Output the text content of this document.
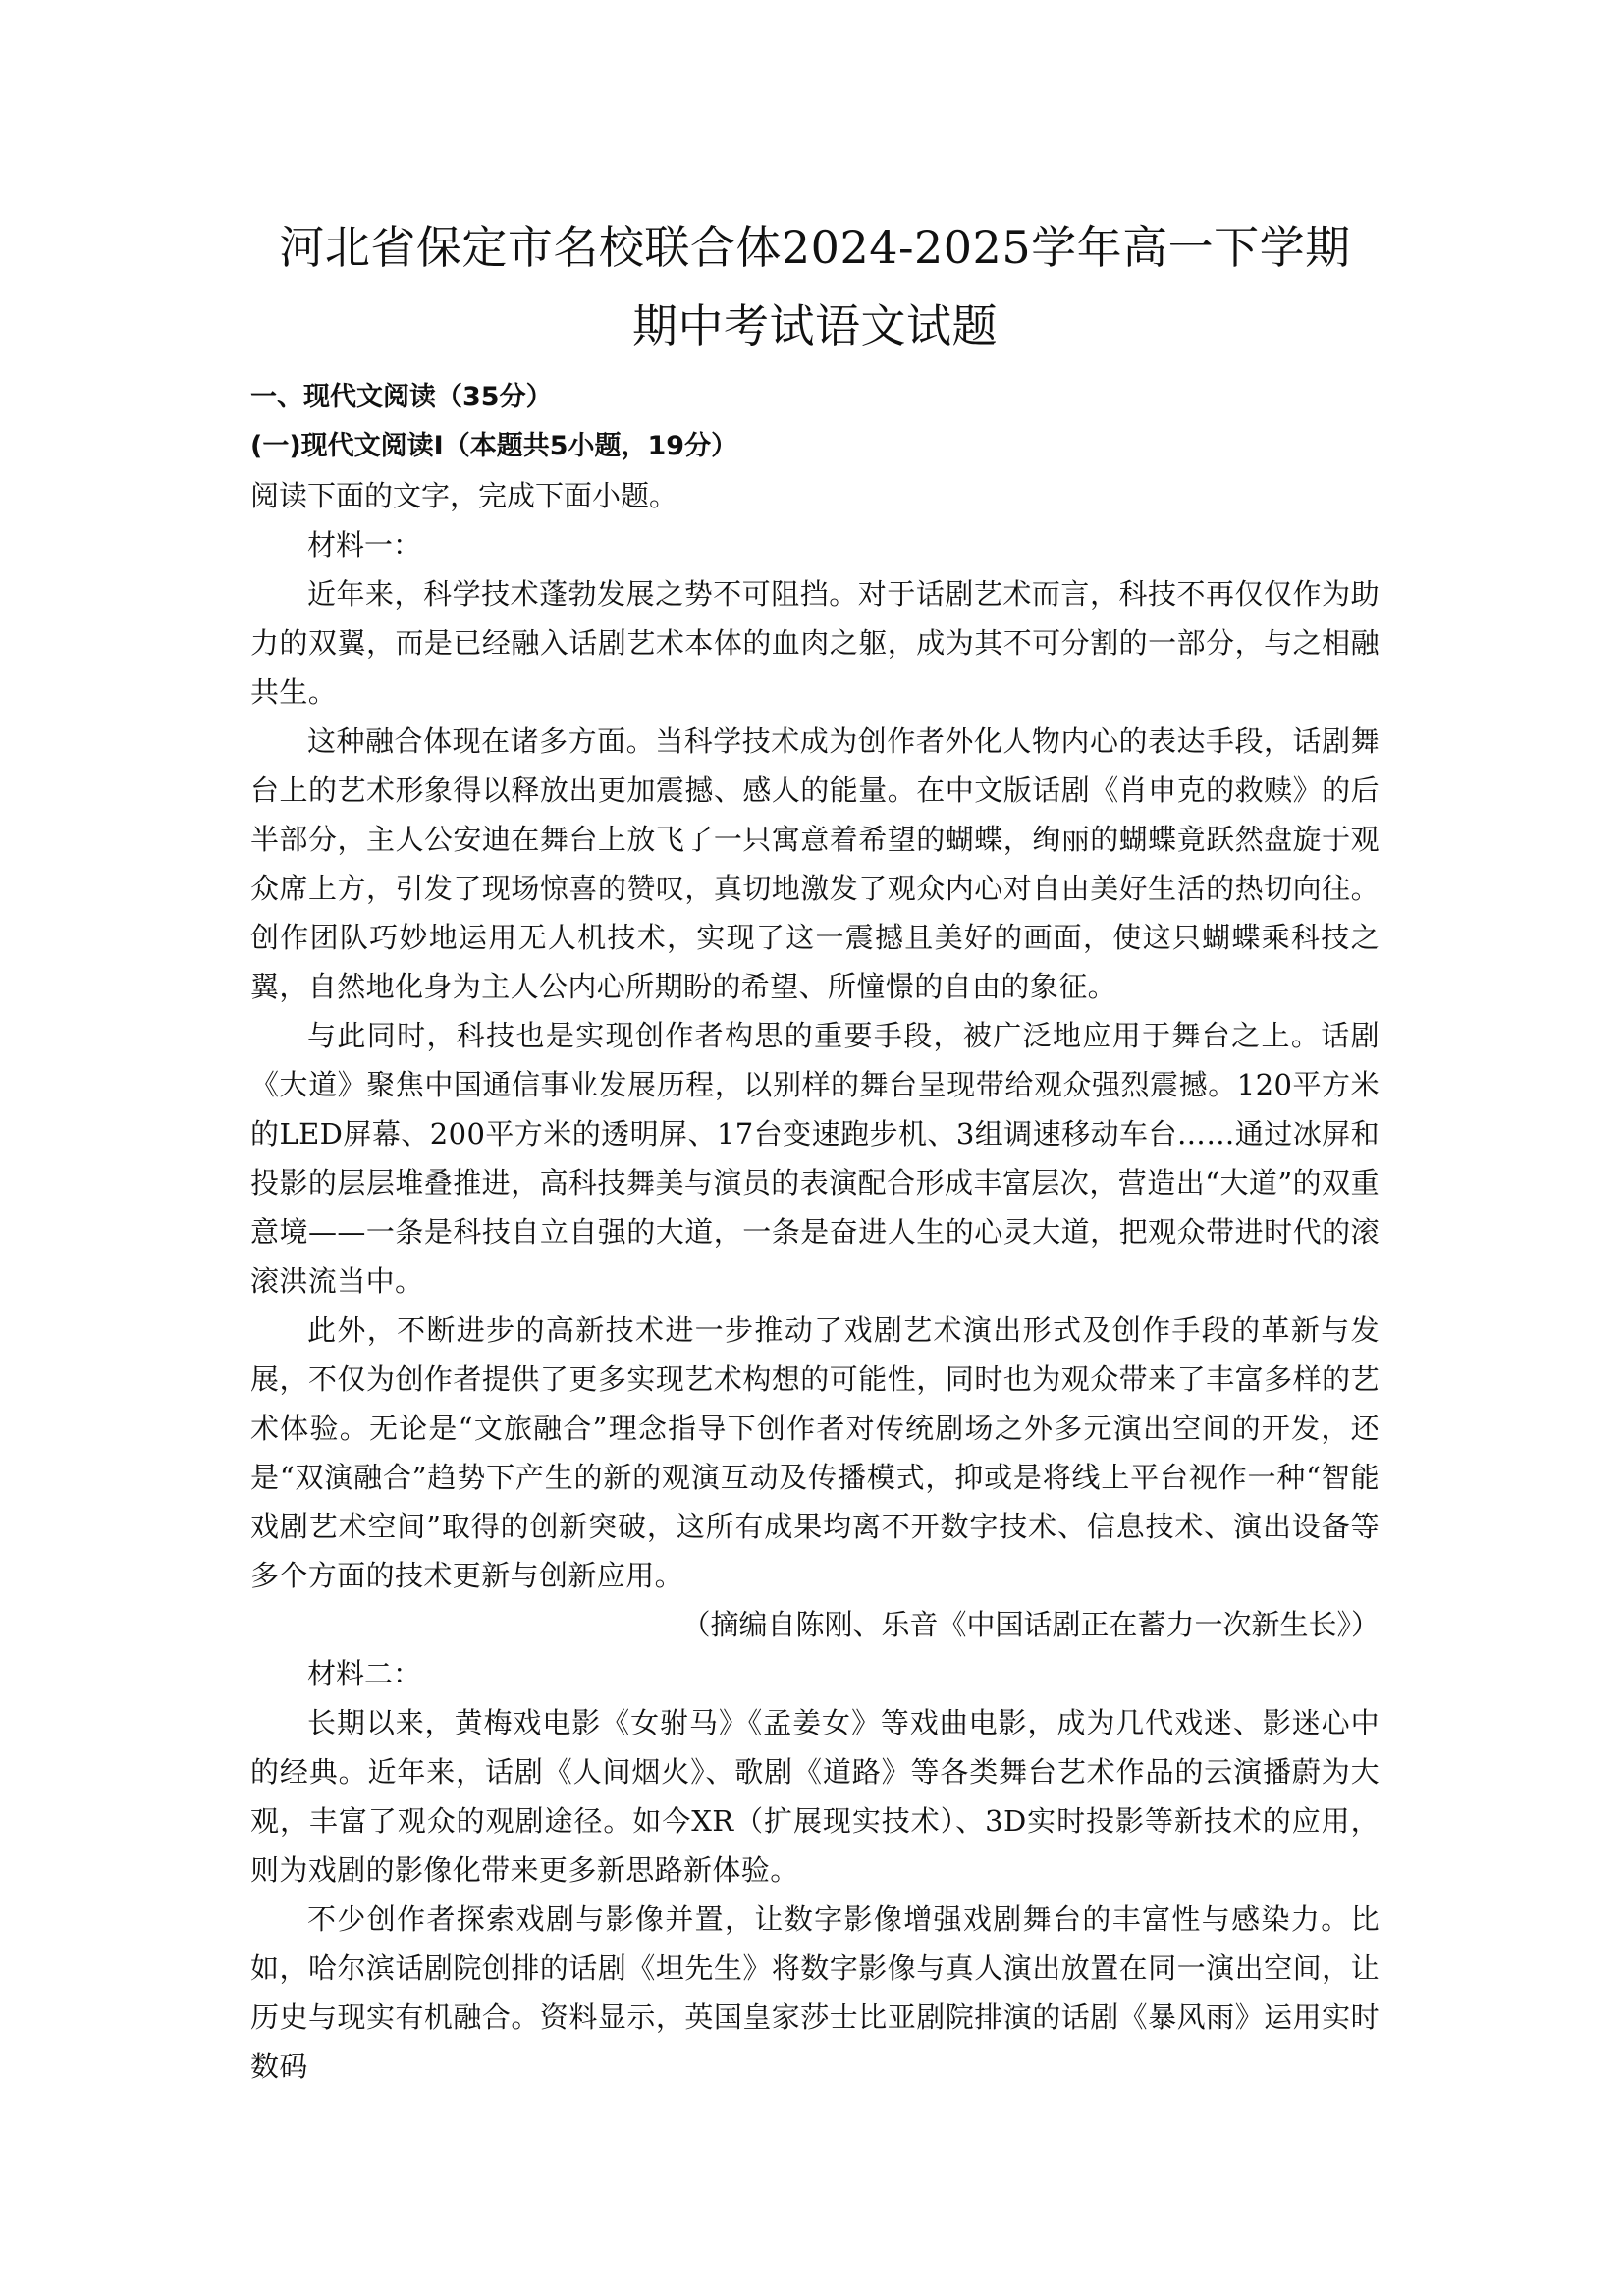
河北省保定市名校联合体2024-2025学年高一下学期
期中考试语文试题
一、现代文阅读（35分）
(一)现代文阅读Ⅰ（本题共5小题，19分）

阅读下面的文字，完成下面小题。

材料一：

近年来，科学技术蓬勃发展之势不可阻挡。对于话剧艺术而言，科技不再仅仅作为助力的双翼，而是已经融入话剧艺术本体的血肉之躯，成为其不可分割的一部分，与之相融共生。

这种融合体现在诸多方面。当科学技术成为创作者外化人物内心的表达手段，话剧舞台上的艺术形象得以释放出更加震撼、感人的能量。在中文版话剧《肖申克的救赎》的后半部分，主人公安迪在舞台上放飞了一只寓意着希望的蝴蝶，绚丽的蝴蝶竟跃然盘旋于观众席上方，引发了现场惊喜的赞叹，真切地激发了观众内心对自由美好生活的热切向往。创作团队巧妙地运用无人机技术，实现了这一震撼且美好的画面，使这只蝴蝶乘科技之翼，自然地化身为主人公内心所期盼的希望、所憧憬的自由的象征。

与此同时，科技也是实现创作者构思的重要手段，被广泛地应用于舞台之上。话剧《大道》聚焦中国通信事业发展历程，以别样的舞台呈现带给观众强烈震撼。120平方米的LED屏幕、200平方米的透明屏、17台变速跑步机、3组调速移动车台……通过冰屏和投影的层层堆叠推进，高科技舞美与演员的表演配合形成丰富层次，营造出“大道”的双重意境——一条是科技自立自强的大道，一条是奋进人生的心灵大道，把观众带进时代的滚滚洪流当中。

此外，不断进步的高新技术进一步推动了戏剧艺术演出形式及创作手段的革新与发展，不仅为创作者提供了更多实现艺术构想的可能性，同时也为观众带来了丰富多样的艺术体验。无论是“文旅融合”理念指导下创作者对传统剧场之外多元演出空间的开发，还是“双演融合”趋势下产生的新的观演互动及传播模式，抑或是将线上平台视作一种“智能戏剧艺术空间”取得的创新突破，这所有成果均离不开数字技术、信息技术、演出设备等多个方面的技术更新与创新应用。

（摘编自陈刚、乐音《中国话剧正在蓄力一次新生长》）

材料二：

长期以来，黄梅戏电影《女驸马》《孟姜女》等戏曲电影，成为几代戏迷、影迷心中的经典。近年来，话剧《人间烟火》、歌剧《道路》等各类舞台艺术作品的云演播蔚为大观，丰富了观众的观剧途径。如今XR（扩展现实技术）、3D实时投影等新技术的应用，则为戏剧的影像化带来更多新思路新体验。

不少创作者探索戏剧与影像并置，让数字影像增强戏剧舞台的丰富性与感染力。比如，哈尔滨话剧院创排的话剧《坦先生》将数字影像与真人演出放置在同一演出空间，让历史与现实有机融合。资料显示，英国皇家莎士比亚剧院排演的话剧《暴风雨》运用实时数码
